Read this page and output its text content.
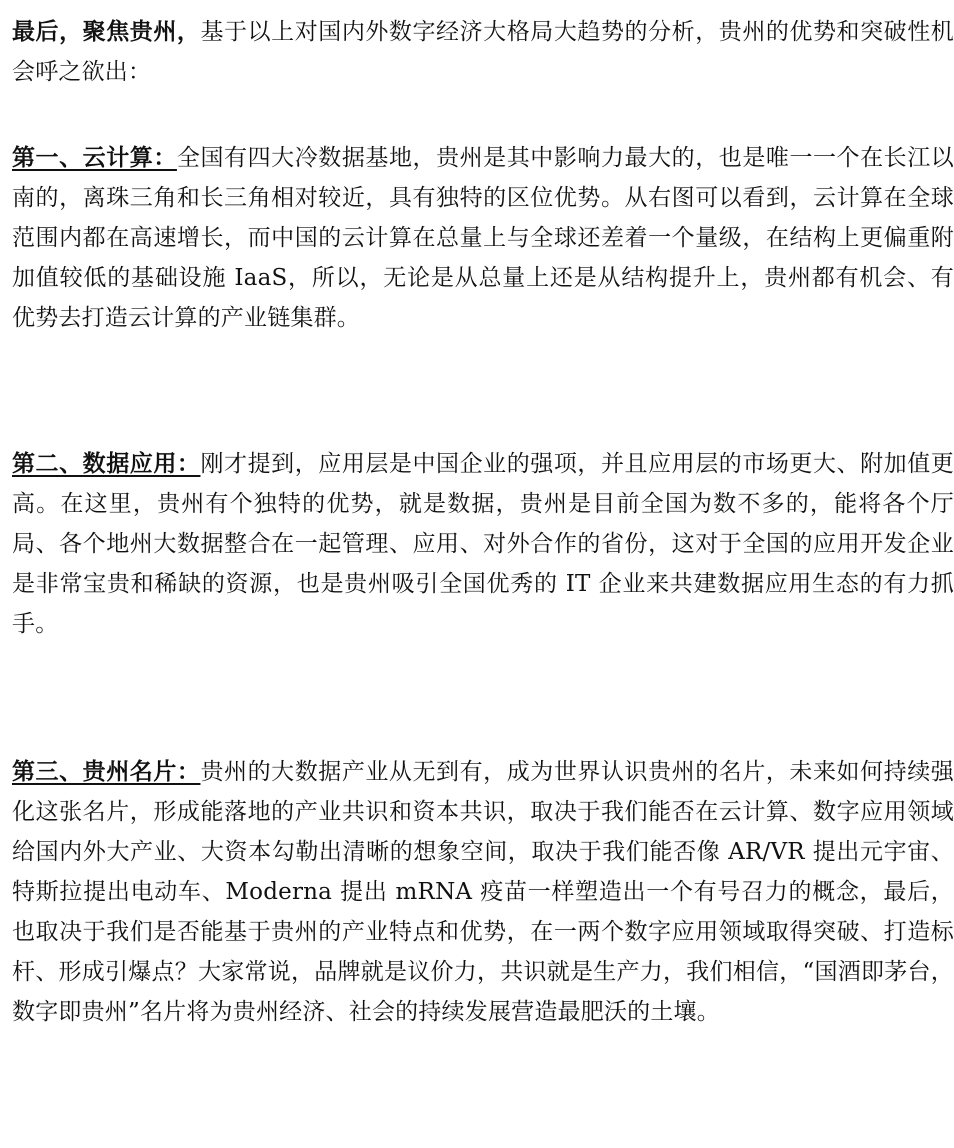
最后，聚焦贵州，基于以上对国内外数字经济大格局大趋势的分析，贵州的优势和突破性机会呼之欲出：

第一、云计算：全国有四大冷数据基地，贵州是其中影响力最大的，也是唯一一个在长江以南的，离珠三角和长三角相对较近，具有独特的区位优势。从右图可以看到，云计算在全球范围内都在高速增长，而中国的云计算在总量上与全球还差着一个量级，在结构上更偏重附加值较低的基础设施 IaaS，所以，无论是从总量上还是从结构提升上，贵州都有机会、有优势去打造云计算的产业链集群。

第二、数据应用：刚才提到，应用层是中国企业的强项，并且应用层的市场更大、附加值更高。在这里，贵州有个独特的优势，就是数据，贵州是目前全国为数不多的，能将各个厅局、各个地州大数据整合在一起管理、应用、对外合作的省份，这对于全国的应用开发企业是非常宝贵和稀缺的资源，也是贵州吸引全国优秀的 IT 企业来共建数据应用生态的有力抓手。

第三、贵州名片：贵州的大数据产业从无到有，成为世界认识贵州的名片，未来如何持续强化这张名片，形成能落地的产业共识和资本共识，取决于我们能否在云计算、数字应用领域给国内外大产业、大资本勾勒出清晰的想象空间，取决于我们能否像 AR/VR 提出元宇宙、特斯拉提出电动车、Moderna 提出 mRNA 疫苗一样塑造出一个有号召力的概念，最后，也取决于我们是否能基于贵州的产业特点和优势，在一两个数字应用领域取得突破、打造标杆、形成引爆点？大家常说，品牌就是议价力，共识就是生产力，我们相信，“国酒即茅台，数字即贵州”名片将为贵州经济、社会的持续发展营造最肥沃的土壤。
